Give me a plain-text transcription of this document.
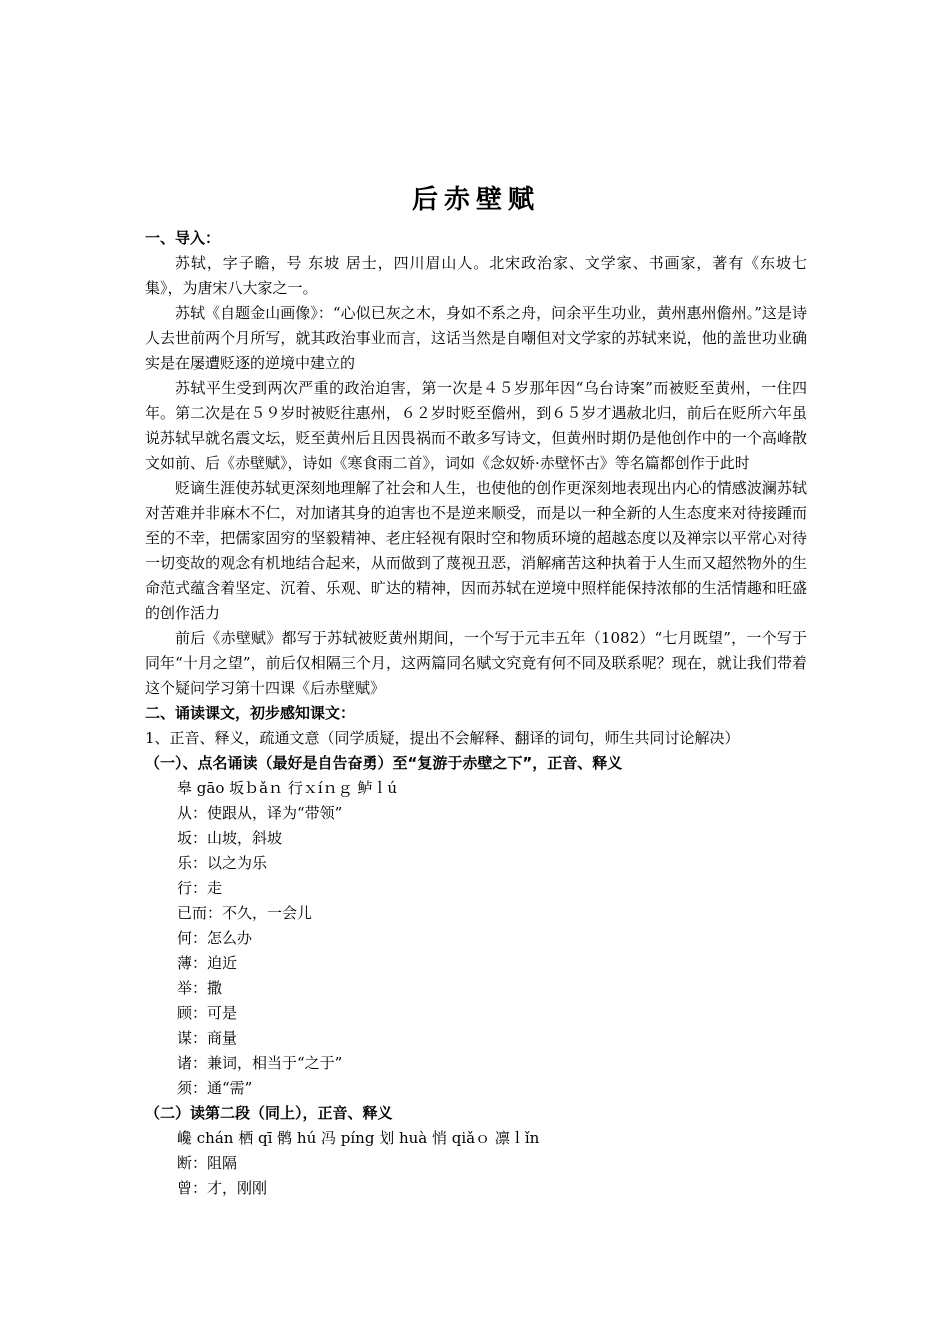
后赤壁赋
一、导入：

苏轼，字子瞻，号 东坡 居士，四川眉山人。北宋政治家、文学家、书画家，著有《东坡七集》，为唐宋八大家之一。

苏轼《自题金山画像》：“心似已灰之木，身如不系之舟，问余平生功业，黄州惠州儋州。”这是诗人去世前两个月所写，就其政治事业而言，这话当然是自嘲但对文学家的苏轼来说，他的盖世功业确实是在屡遭贬逐的逆境中建立的

苏轼平生受到两次严重的政治迫害，第一次是４５岁那年因“乌台诗案”而被贬至黄州，一住四年。第二次是在５９岁时被贬往惠州，６２岁时贬至儋州，到６５岁才遇赦北归，前后在贬所六年虽说苏轼早就名震文坛，贬至黄州后且因畏祸而不敢多写诗文，但黄州时期仍是他创作中的一个高峰散文如前、后《赤壁赋》，诗如《寒食雨二首》，词如《念奴娇·赤壁怀古》等名篇都创作于此时

贬谪生涯使苏轼更深刻地理解了社会和人生，也使他的创作更深刻地表现出内心的情感波澜苏轼对苦难并非麻木不仁，对加诸其身的迫害也不是逆来顺受，而是以一种全新的人生态度来对待接踵而至的不幸，把儒家固穷的坚毅精神、老庄轻视有限时空和物质环境的超越态度以及禅宗以平常心对待一切变故的观念有机地结合起来，从而做到了蔑视丑恶，消解痛苦这种执着于人生而又超然物外的生命范式蕴含着坚定、沉着、乐观、旷达的精神，因而苏轼在逆境中照样能保持浓郁的生活情趣和旺盛的创作活力

前后《赤壁赋》都写于苏轼被贬黄州期间，一个写于元丰五年（1082）“七月既望”，一个写于同年“十月之望”，前后仅相隔三个月，这两篇同名赋文究竟有何不同及联系呢？现在，就让我们带着这个疑问学习第十四课《后赤壁赋》

二、诵读课文，初步感知课文：
1、正音、释义，疏通文意（同学质疑，提出不会解释、翻译的词句，师生共同讨论解决）
（一）、点名诵读（最好是自告奋勇）至“复游于赤壁之下”，正音、释义
皋 gāo 坂ｂǎｎ 行ｘíｎｇ 鲈ｌú
从：使跟从，译为“带领”
坂：山坡，斜坡
乐：以之为乐
行：走
已而：不久，一会儿
何：怎么办
薄：迫近
举：撒
顾：可是
谋：商量
诸：兼词，相当于“之于”
须：通“需”
（二）读第二段（同上），正音、释义
巉 chán 栖 qī 鹘 hú 冯 píng 划 huà 悄 qiǎｏ 凛ｌǐn
断：阻隔
曾：才，刚刚
